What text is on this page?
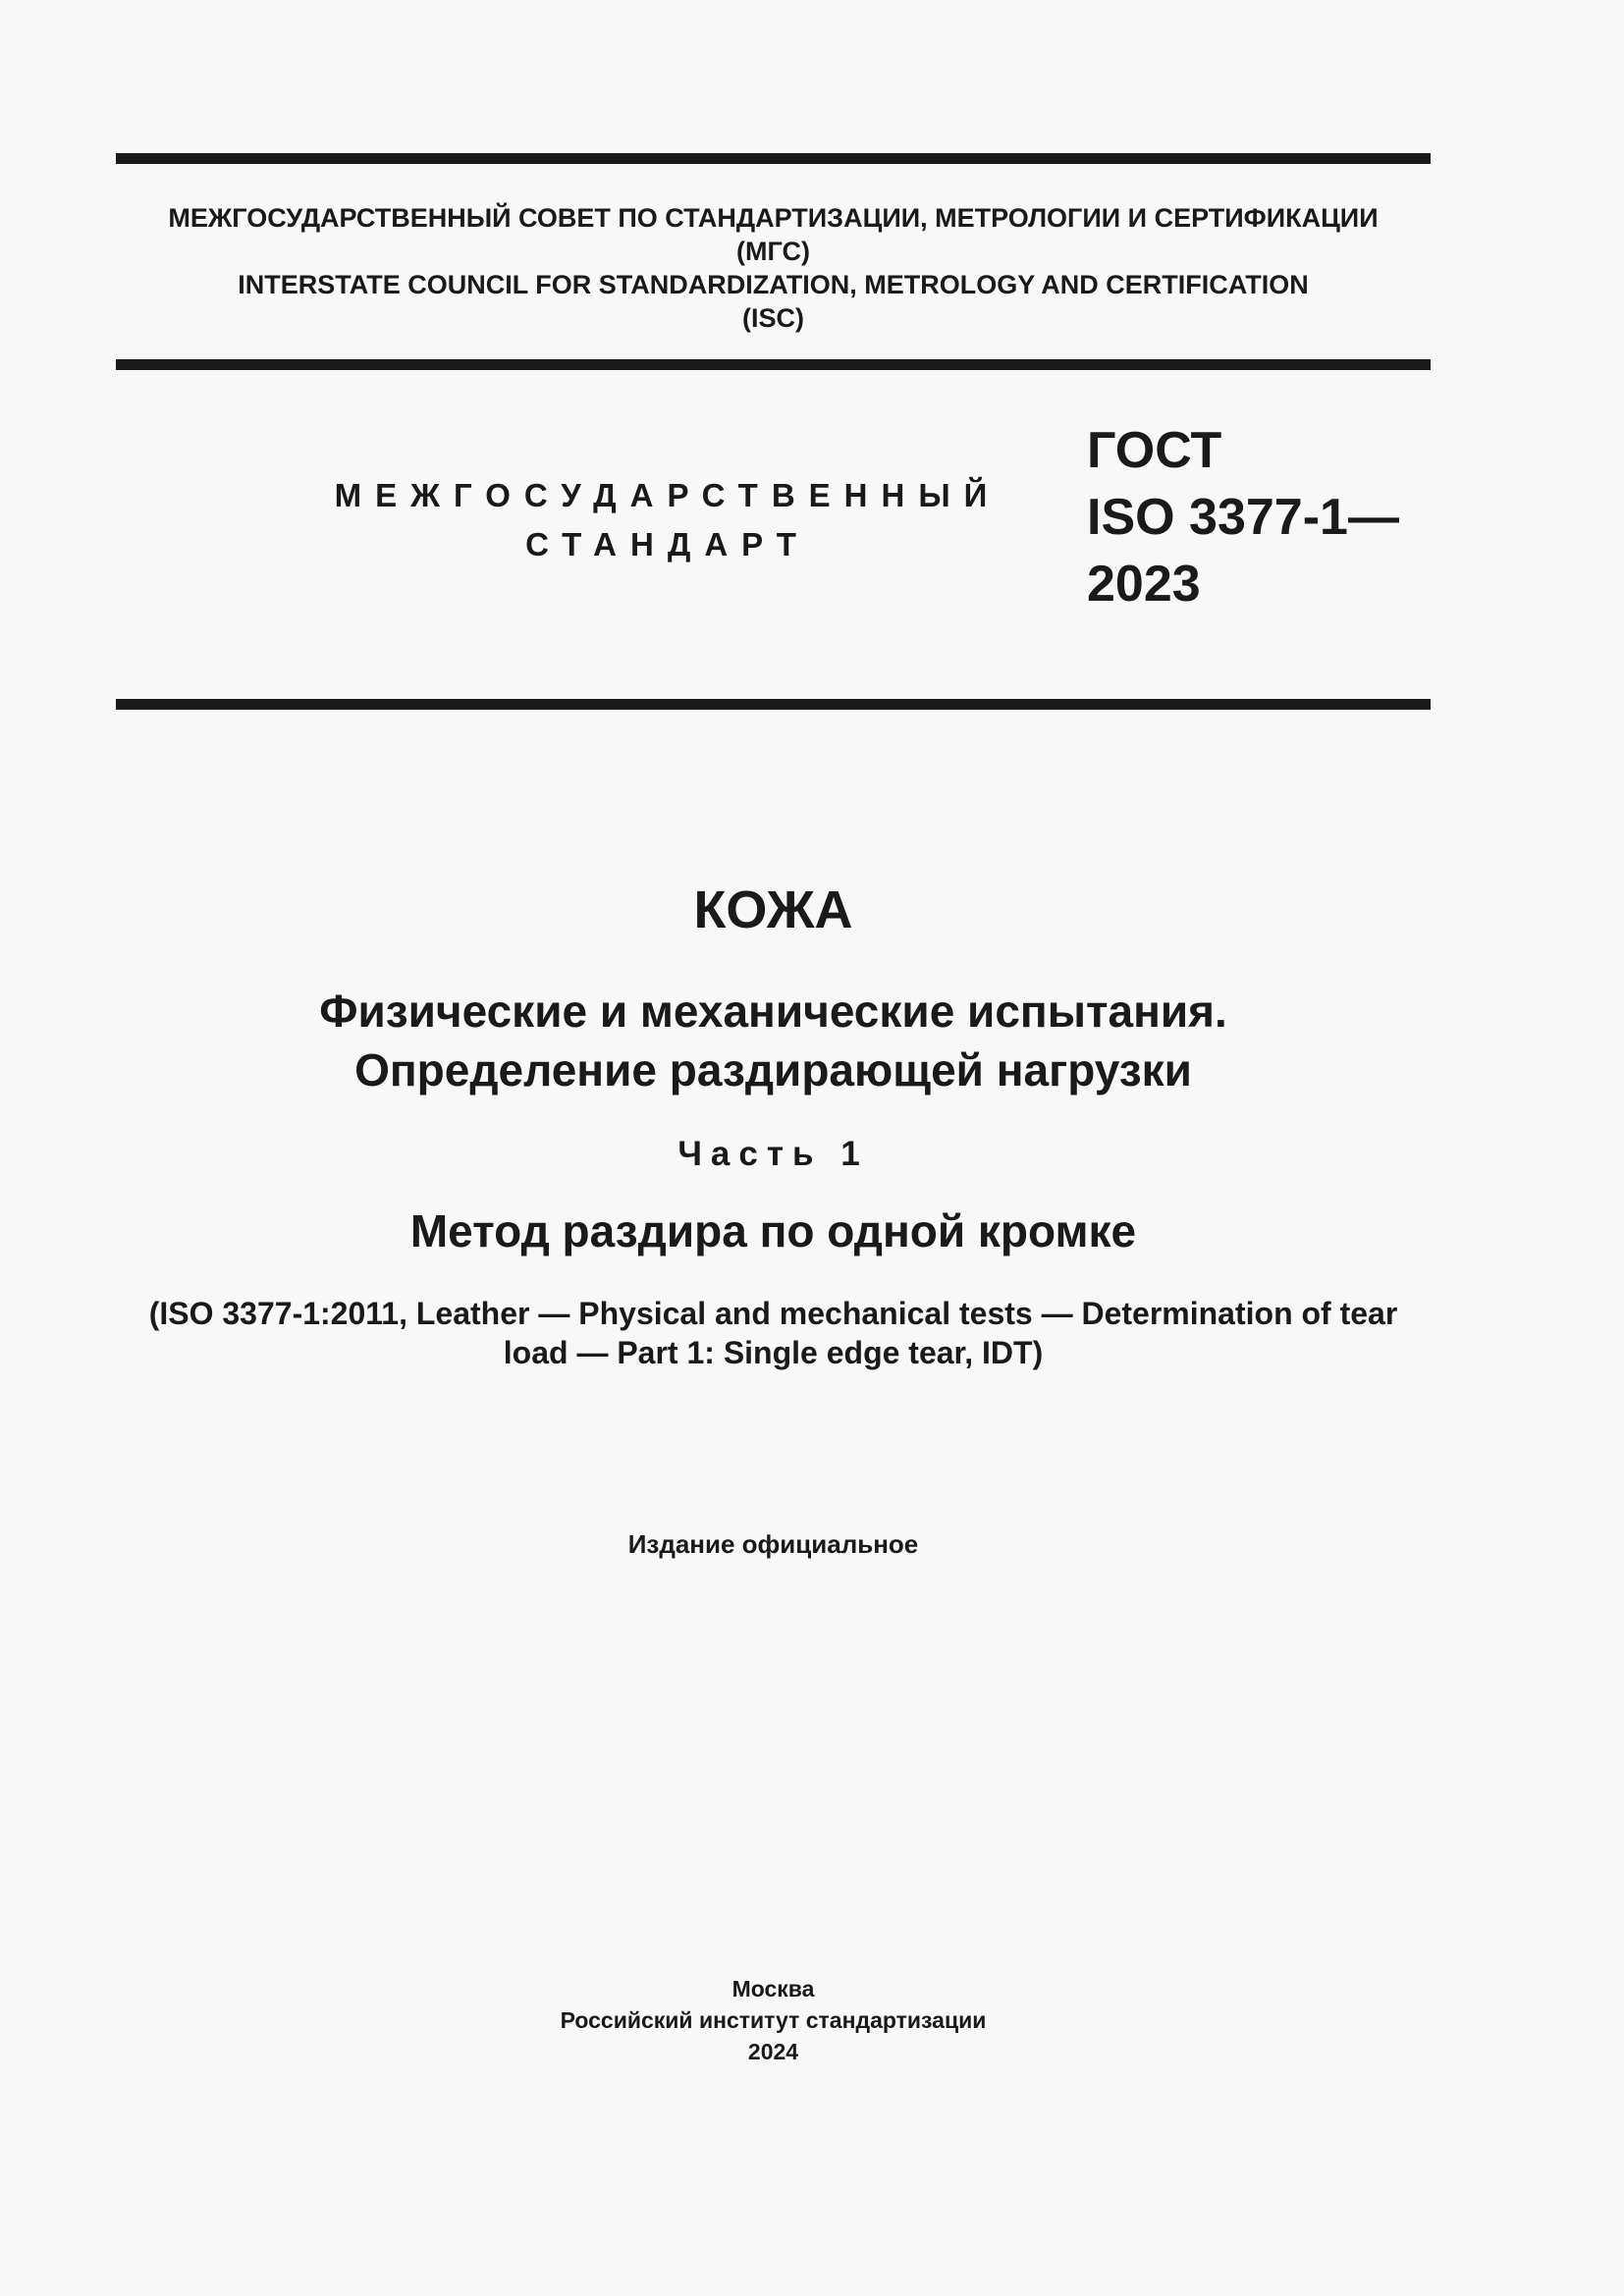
МЕЖГОСУДАРСТВЕННЫЙ СОВЕТ ПО СТАНДАРТИЗАЦИИ, МЕТРОЛОГИИ И СЕРТИФИКАЦИИ
(МГС)
INTERSTATE COUNCIL FOR STANDARDIZATION, METROLOGY AND CERTIFICATION
(ISC)
МЕЖГОСУДАРСТВЕННЫЙ
СТАНДАРТ
ГОСТ
ISO 3377-1—
2023
КОЖА
Физические и механические испытания.
Определение раздирающей нагрузки
Часть 1
Метод раздира по одной кромке
(ISO 3377-1:2011, Leather — Physical and mechanical tests — Determination of tear
load — Part 1: Single edge tear, IDT)
Издание официальное
Москва
Российский институт стандартизации
2024
